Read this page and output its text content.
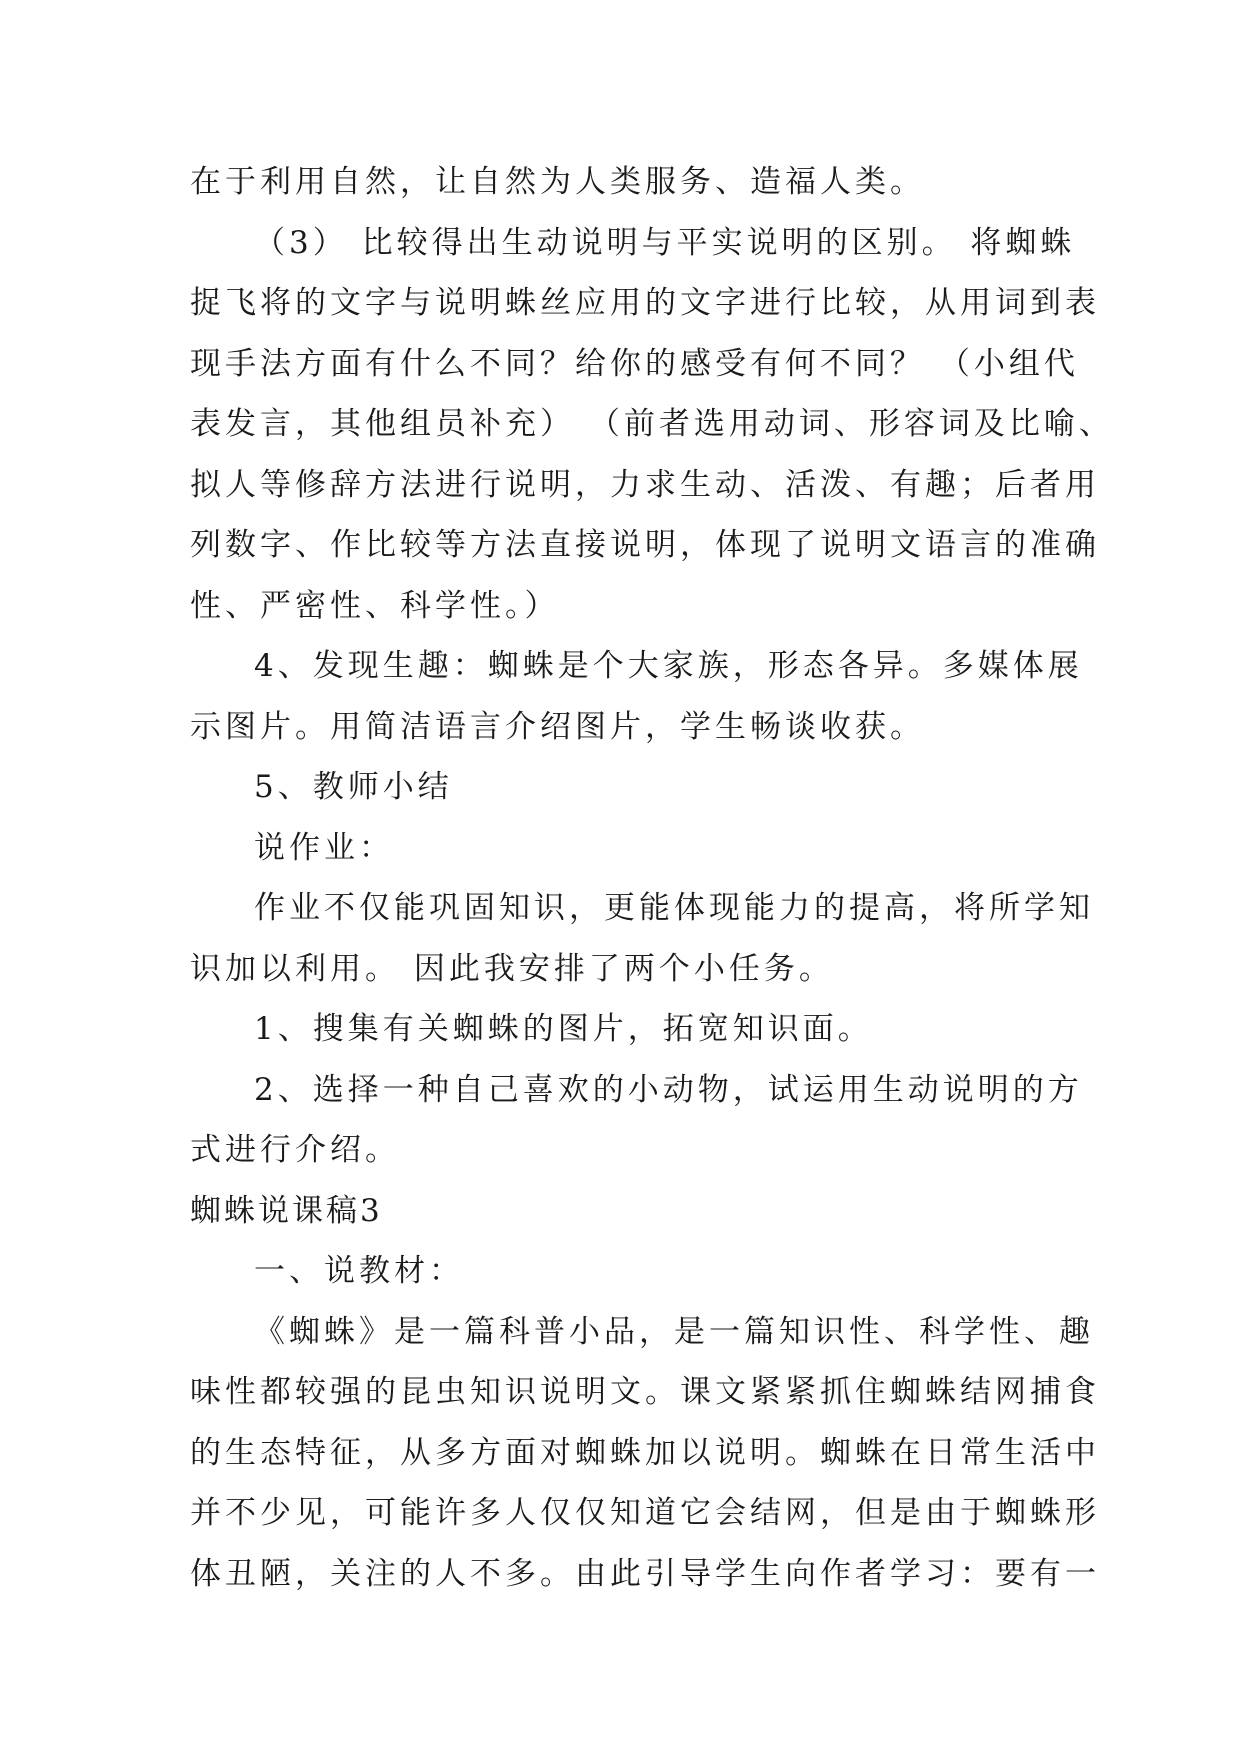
在于利用自然，让自然为人类服务、造福人类。

（3） 比较得出生动说明与平实说明的区别。 将蜘蛛

捉飞将的文字与说明蛛丝应用的文字进行比较，从用词到表

现手法方面有什么不同？给你的感受有何不同？ （小组代

表发言，其他组员补充） （前者选用动词、形容词及比喻、

拟人等修辞方法进行说明，力求生动、活泼、有趣；后者用

列数字、作比较等方法直接说明，体现了说明文语言的准确

性、严密性、科学性。）

4、发现生趣：蜘蛛是个大家族，形态各异。多媒体展

示图片。用简洁语言介绍图片，学生畅谈收获。

5、教师小结

说作业：

作业不仅能巩固知识，更能体现能力的提高，将所学知

识加以利用。 因此我安排了两个小任务。

1、搜集有关蜘蛛的图片，拓宽知识面。

2、选择一种自己喜欢的小动物，试运用生动说明的方

式进行介绍。

蜘蛛说课稿3

一、说教材：

《蜘蛛》是一篇科普小品，是一篇知识性、科学性、趣

味性都较强的昆虫知识说明文。课文紧紧抓住蜘蛛结网捕食

的生态特征，从多方面对蜘蛛加以说明。蜘蛛在日常生活中

并不少见，可能许多人仅仅知道它会结网，但是由于蜘蛛形

体丑陋，关注的人不多。由此引导学生向作者学习：要有一
